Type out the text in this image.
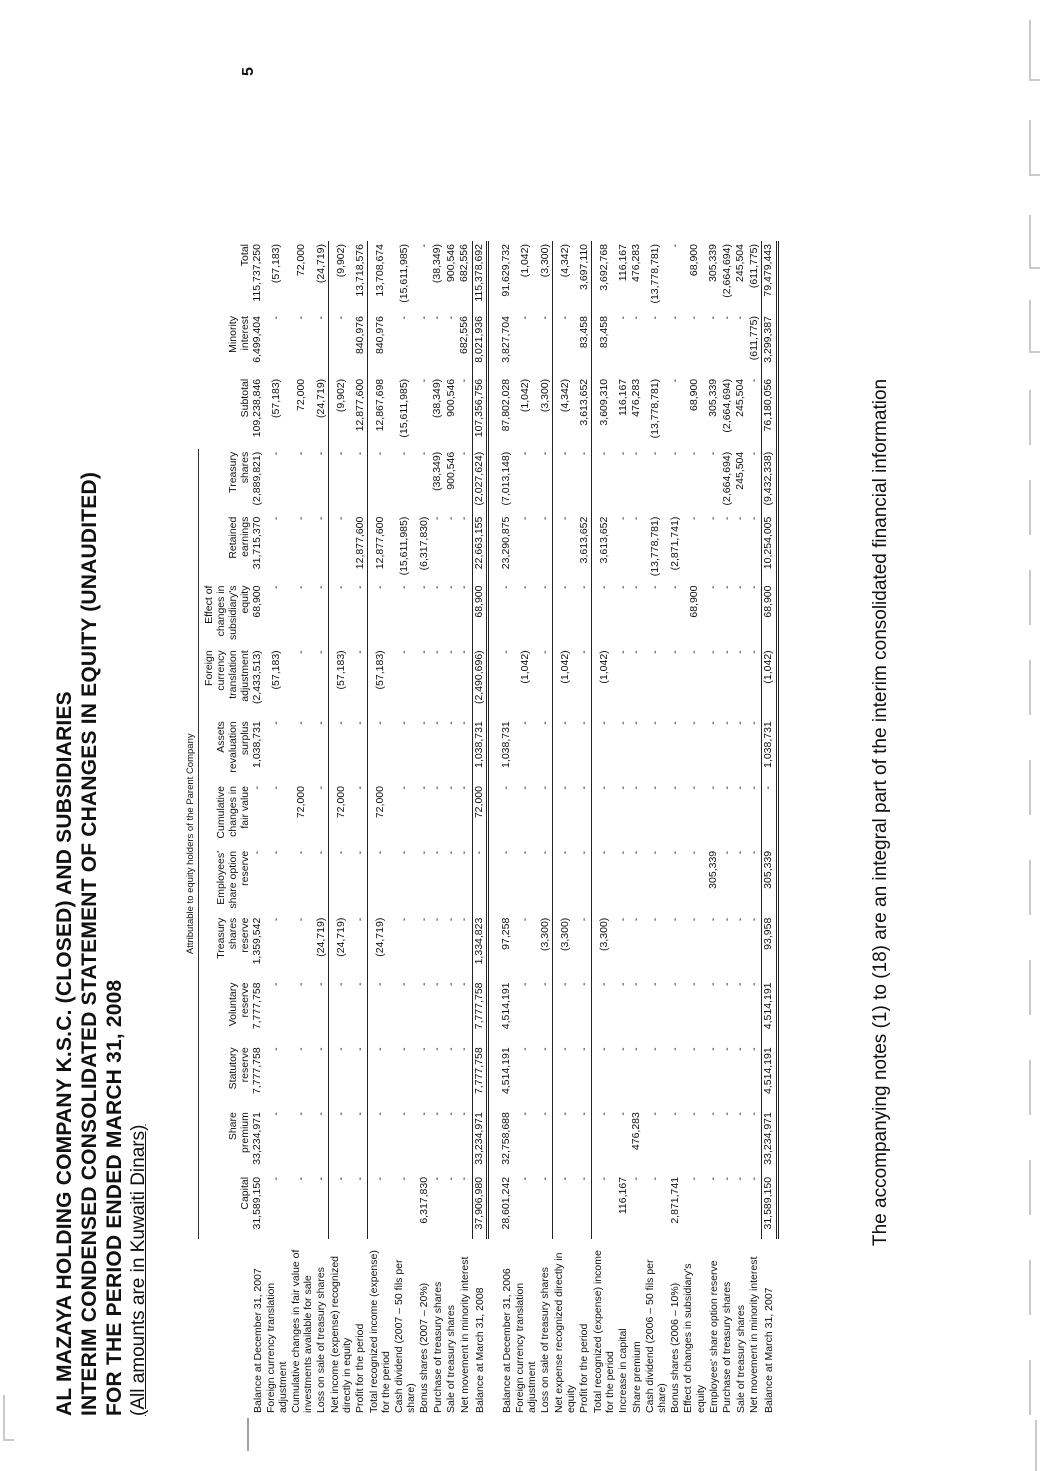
AL MAZAYA HOLDING COMPANY K.S.C. (CLOSED) AND SUBSIDIARIES INTERIM CONDENSED CONSOLIDATED STATEMENT OF CHANGES IN EQUITY (UNAUDITED) FOR THE PERIOD ENDED MARCH 31, 2008 (All amounts are in Kuwaiti Dinars)
	Attributable to equity holders of the Parent Company														
	Capital	Share premium	Statutory reserve	Voluntary reserve	Treasury shares reserve	Employees' share option reserve	Cumulative changes in fair value	Assets revaluation surplus	Foreign currency translation adjustment	Effect of changes in subsidiary's equity	Retained earnings	Treasury shares	Subtotal	Minority interest	Total
Balance at December 31, 2007	31,589,150	33,234,971	7,777,758	7,777,758	1,359,542	-	-	1,038,731	(2,433,513)	68,900	31,715,370	(2,889,821)	109,238,846	6,499,404	115,737,250
Foreign currency translation adjustment	-	-	-	-	-	-	-	-	(57,183)	-	-	-	(57,183)	-	(57,183)
Cumulative changes in fair value of investments available for sale	-	-	-	-	-	-	72,000	-	-	-	-	-	72,000	-	72,000
Loss on sale of treasury shares	-	-	-	-	(24,719)	-	-	-	-	-	-	-	(24,719)	-	(24,719)
Net income (expense) recognized directly in equity	-	-	-	-	(24,719)	-	72,000	-	(57,183)	-	-	-	(9,902)	-	(9,902)
Profit for the period	-	-	-	-	-	-	-	-	-	-	12,877,600	-	12,877,600	840,976	13,718,576
Total recognized income (expense) for the period	-	-	-	-	(24,719)	-	72,000	-	(57,183)	-	12,877,600	-	12,867,698	840,976	13,708,674
Cash dividend (2007 – 50 fils per share)	-	-	-	-	-	-	-	-	-	-	(15,611,985)	-	(15,611,985)	-	(15,611,985)
Bonus shares (2007 – 20%)	6,317,830	-	-	-	-	-	-	-	-	-	(6,317,830)	-	-	-	-
Purchase of treasury shares	-	-	-	-	-	-	-	-	-	-	-	(38,349)	(38,349)	-	(38,349)
Sale of treasury shares	-	-	-	-	-	-	-	-	-	-	-	900,546	900,546	-	900,546
Net movement in minority interest	-	-	-	-	-	-	-	-	-	-	-	-	-	682,556	682,556
Balance at March 31, 2008	37,906,980	33,234,971	7,777,758	7,777,758	1,334,823	-	72,000	1,038,731	(2,490,696)	68,900	22,663,155	(2,027,624)	107,356,756	8,021,936	115,378,692

Balance at December 31, 2006	28,601,242	32,758,688	4,514,191	4,514,191	97,258	-	-	1,038,731	-	-	23,290,875	(7,013,148)	87,802,028	3,827,704	91,629,732
Foreign currency translation adjustment	-	-	-	-	-	-	-	-	(1,042)	-	-	-	(1,042)	-	(1,042)
Loss on sale of treasury shares	-	-	-	-	(3,300)	-	-	-	-	-	-	-	(3,300)	-	(3,300)
Net expense recognized directly in equity	-	-	-	-	(3,300)	-	-	-	(1,042)	-	-	-	(4,342)	-	(4,342)
Profit for the period	-	-	-	-	-	-	-	-	-	-	3,613,652	-	3,613,652	83,458	3,697,110
Total recognized (expense) income for the period	-	-	-	-	(3,300)	-	-	-	(1,042)	-	3,613,652	-	3,609,310	83,458	3,692,768
Increase in capital	116,167	-	-	-	-	-	-	-	-	-	-	-	116,167	-	116,167
Share premium	-	476,283	-	-	-	-	-	-	-	-	-	-	476,283	-	476,283
Cash dividend (2006 – 50 fils per share)	-	-	-	-	-	-	-	-	-	-	(13,778,781)	-	(13,778,781)	-	(13,778,781)
Bonus shares (2006 – 10%)	2,871,741	-	-	-	-	-	-	-	-	-	(2,871,741)	-	-	-	-
Effect of changes in subsidiary's equity	-	-	-	-	-	-	-	-	-	68,900	-	-	68,900	-	68,900
Employees' share option reserve	-	-	-	-	-	305,339	-	-	-	-	-	-	305,339	-	305,339
Purchase of treasury shares	-	-	-	-	-	-	-	-	-	-	-	(2,664,694)	(2,664,694)	-	(2,664,694)
Sale of treasury shares	-	-	-	-	-	-	-	-	-	-	-	245,504	245,504	-	245,504
Net movement in minority interest	-	-	-	-	-	-	-	-	-	-	-	-	-	(611,775)	(611,775)
Balance at March 31, 2007	31,589,150	33,234,971	4,514,191	4,514,191	93,958	305,339	-	1,038,731	(1,042)	68,900	10,254,005	(9,432,338)	76,180,056	3,299,387	79,479,443
The accompanying notes (1) to (18) are an integral part of the interim consolidated financial information
5
